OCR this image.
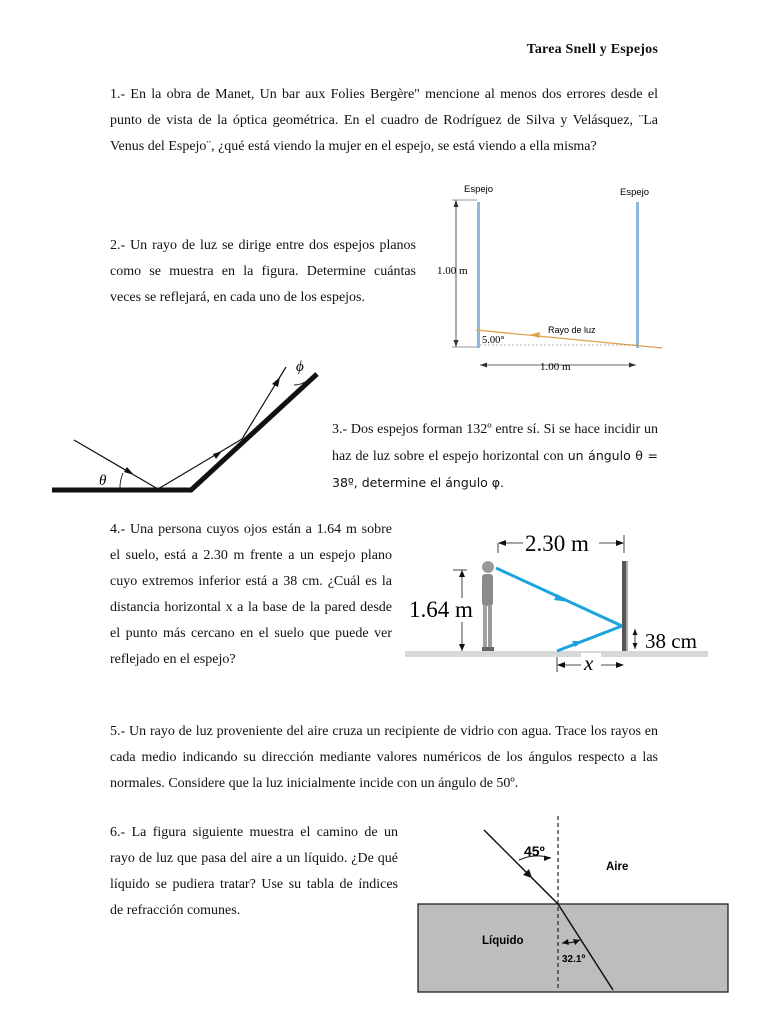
Tarea Snell y Espejos

1.- En la obra de Manet, Un bar aux Folies Bergère" mencione al menos dos errores desde el punto de vista de la óptica geométrica. En el cuadro de Rodríguez de Silva y Velásquez, ¨La Venus del Espejo¨, ¿qué está viendo la mujer en el espejo, se está viendo a ella misma?

2.- Un rayo de luz se dirige entre dos espejos planos como se muestra en la figura. Determine cuántas veces se reflejará, en cada uno de los espejos.

3.- Dos espejos forman 132º entre sí. Si se hace incidir un haz de luz sobre el espejo horizontal con un ángulo θ = 38º, determine el ángulo φ.

4.- Una persona cuyos ojos están a 1.64 m sobre el suelo, está a 2.30 m frente a un espejo plano cuyo extremos inferior está a 38 cm. ¿Cuál es la distancia horizontal x a la base de la pared desde el punto más cercano en el suelo que puede ver reflejado en el espejo?

5.- Un rayo de luz proveniente del aire cruza un recipiente de vidrio con agua. Trace los rayos en cada medio indicando su dirección mediante valores numéricos de los ángulos respecto a las normales. Considere que la luz inicialmente incide con un ángulo de 50º.

6.- La figura siguiente muestra el camino de un rayo de luz que pasa del aire a un líquido. ¿De qué líquido se pudiera tratar? Use su tabla de índices de refracción comunes.

Espejo	Espejo
1.00 m
Rayo de luz
5.00°
1.00 m
θ
ϕ
2.30 m
1.64 m
38 cm
x
45º
Aire
Líquido
32.1º
